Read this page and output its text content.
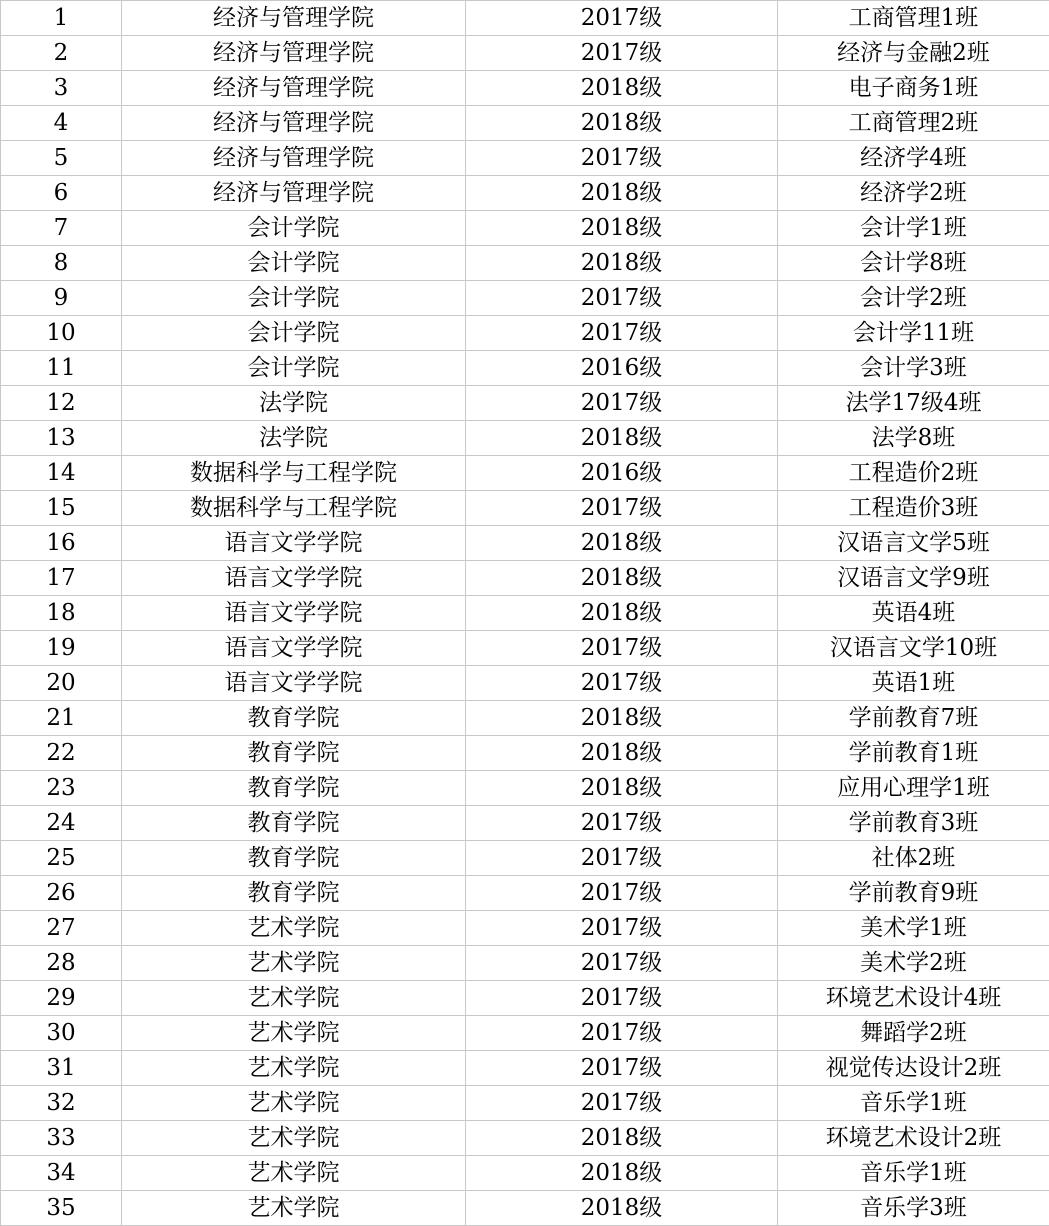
1	经济与管理学院	2017级	工商管理1班
2	经济与管理学院	2017级	经济与金融2班
3	经济与管理学院	2018级	电子商务1班
4	经济与管理学院	2018级	工商管理2班
5	经济与管理学院	2017级	经济学4班
6	经济与管理学院	2018级	经济学2班
7	会计学院	2018级	会计学1班
8	会计学院	2018级	会计学8班
9	会计学院	2017级	会计学2班
10	会计学院	2017级	会计学11班
11	会计学院	2016级	会计学3班
12	法学院	2017级	法学17级4班
13	法学院	2018级	法学8班
14	数据科学与工程学院	2016级	工程造价2班
15	数据科学与工程学院	2017级	工程造价3班
16	语言文学学院	2018级	汉语言文学5班
17	语言文学学院	2018级	汉语言文学9班
18	语言文学学院	2018级	英语4班
19	语言文学学院	2017级	汉语言文学10班
20	语言文学学院	2017级	英语1班
21	教育学院	2018级	学前教育7班
22	教育学院	2018级	学前教育1班
23	教育学院	2018级	应用心理学1班
24	教育学院	2017级	学前教育3班
25	教育学院	2017级	社体2班
26	教育学院	2017级	学前教育9班
27	艺术学院	2017级	美术学1班
28	艺术学院	2017级	美术学2班
29	艺术学院	2017级	环境艺术设计4班
30	艺术学院	2017级	舞蹈学2班
31	艺术学院	2017级	视觉传达设计2班
32	艺术学院	2017级	音乐学1班
33	艺术学院	2018级	环境艺术设计2班
34	艺术学院	2018级	音乐学1班
35	艺术学院	2018级	音乐学3班
